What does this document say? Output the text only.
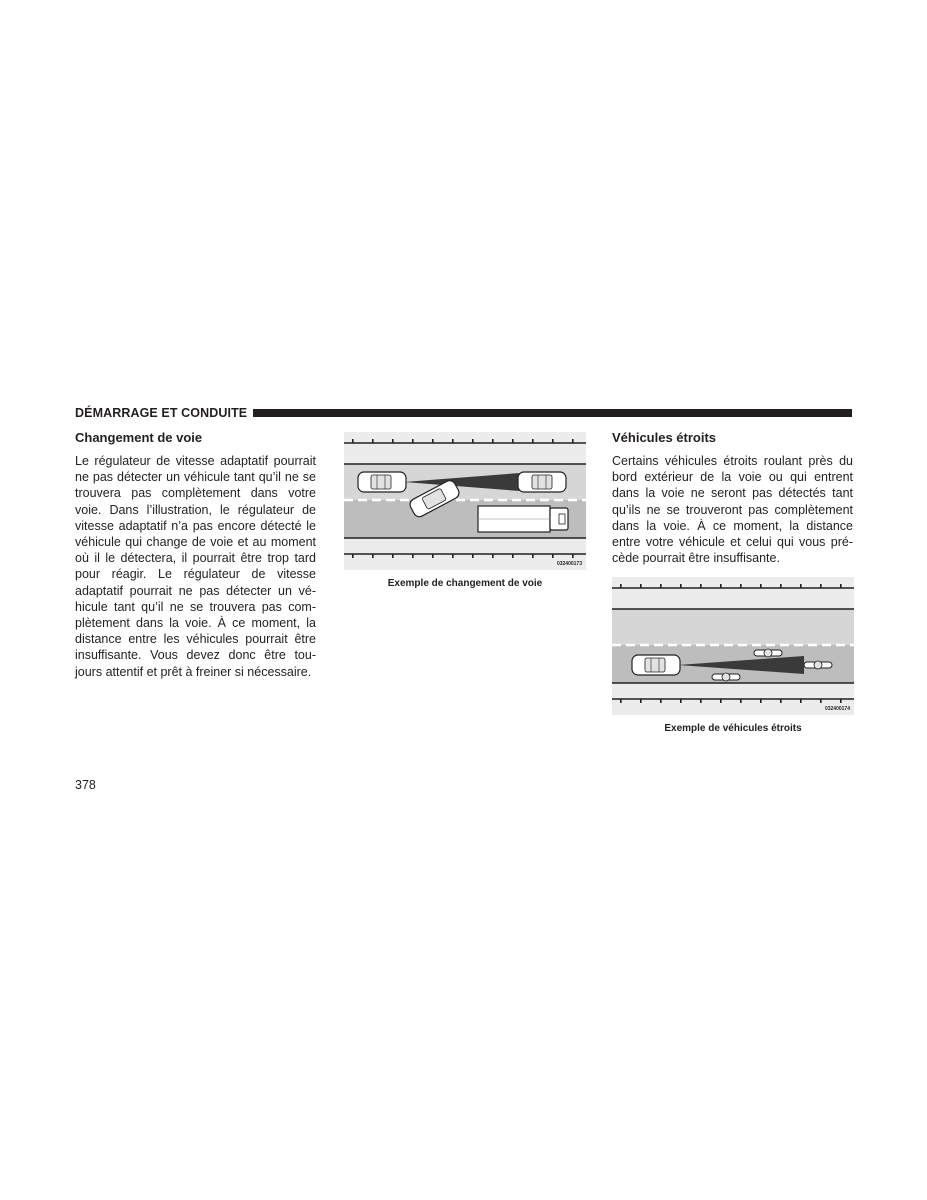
DÉMARRAGE ET CONDUITE
Changement de voie

Le régulateur de vitesse adaptatif pourrait ne pas détecter un véhicule tant qu’il ne se trouvera pas complètement dans votre voie. Dans l’illustration, le régulateur de vitesse adaptatif n’a pas encore détecté le véhicule qui change de voie et au moment où il le détectera, il pourrait être trop tard pour réagir. Le régulateur de vitesse adaptatif pourrait ne pas détecter un vé-hicule tant qu’il ne se trouvera pas com-plètement dans la voie. À ce moment, la distance entre les véhicules pourrait être insuffisante. Vous devez donc être tou-jours attentif et prêt à freiner si nécessaire.

032400173
Exemple de changement de voie
Véhicules étroits

Certains véhicules étroits roulant près du bord extérieur de la voie ou qui entrent dans la voie ne seront pas détectés tant qu’ils ne se trouveront pas complètement dans la voie. À ce moment, la distance entre votre véhicule et celui qui vous pré-cède pourrait être insuffisante.

032400174
Exemple de véhicules étroits
378
